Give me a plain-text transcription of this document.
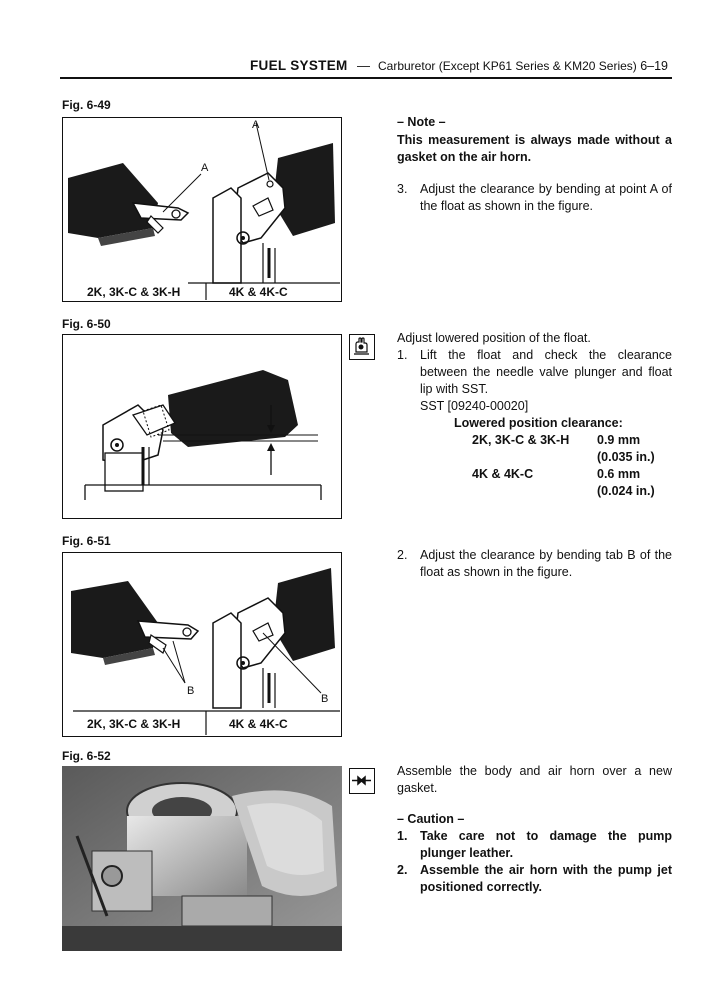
FUEL SYSTEM — Carburetor (Except KP61 Series & KM20 Series) 6–19
Fig. 6-49
A
A
2K, 3K-C & 3K-H	4K & 4K-C
– Note –
This measurement is always made without a gasket on the air horn.
3. Adjust the clearance by bending at point A of the float as shown in the figure.
Fig. 6-50
Adjust lowered position of the float.
1. Lift the float and check the clearance between the needle valve plunger and float lip with SST.
SST [09240-00020]
Lowered position clearance:
2K, 3K-C & 3K-H 0.9 mm
(0.035 in.)
4K & 4K-C	0.6 mm
(0.024 in.)
Fig. 6-51
B
B
2K, 3K-C & 3K-H	4K & 4K-C
2. Adjust the clearance by bending tab B of the float as shown in the figure.
Fig. 6-52
Assemble the body and air horn over a new gasket.
– Caution –
1. Take care not to damage the pump plunger leather.
2. Assemble the air horn with the pump jet positioned correctly.
